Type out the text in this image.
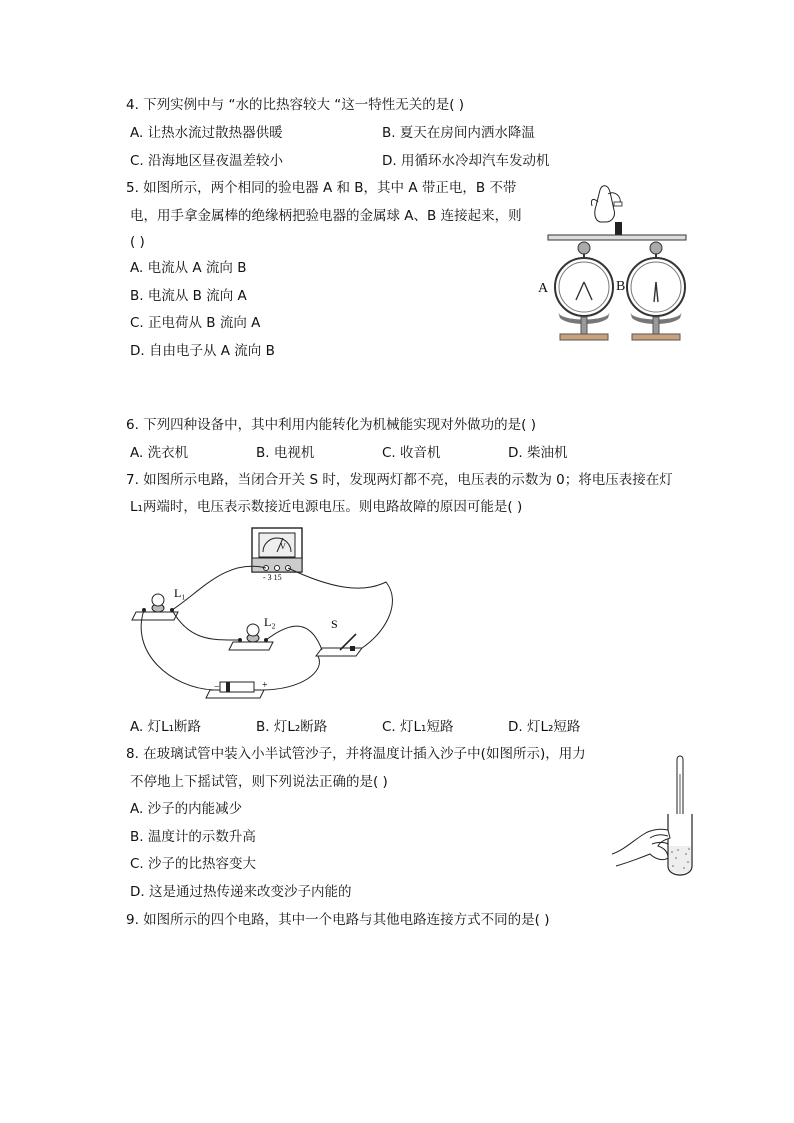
4. 下列实例中与 “水的比热容较大 “这一特性无关的是( )
A. 让热水流过散热器供暖	B. 夏天在房间内洒水降温
C. 沿海地区昼夜温差较小	D. 用循环水冷却汽车发动机
5. 如图所示，两个相同的验电器 A 和 B，其中 A 带正电，B 不带
电，用手拿金属棒的绝缘柄把验电器的金属球 A、B 连接起来，则
( )
A. 电流从 A 流向 B
B. 电流从 B 流向 A
C. 正电荷从 B 流向 A
D. 自由电子从 A 流向 B
A	B
6. 下列四种设备中，其中利用内能转化为机械能实现对外做功的是( )
A. 洗衣机	B. 电视机	C. 收音机	D. 柴油机
7. 如图所示电路，当闭合开关 S 时，发现两灯都不亮，电压表的示数为 0；将电压表接在灯
L₁两端时，电压表示数接近电源电压。则电路故障的原因可能是( )
V
- 3 15
L₁
L₂	S
−	+
A. 灯L₁断路	B. 灯L₂断路	C. 灯L₁短路	D. 灯L₂短路
8. 在玻璃试管中装入小半试管沙子，并将温度计插入沙子中(如图所示)，用力
不停地上下摇试管，则下列说法正确的是( )
A. 沙子的内能减少
B. 温度计的示数升高
C. 沙子的比热容变大
D. 这是通过热传递来改变沙子内能的
9. 如图所示的四个电路，其中一个电路与其他电路连接方式不同的是( )
